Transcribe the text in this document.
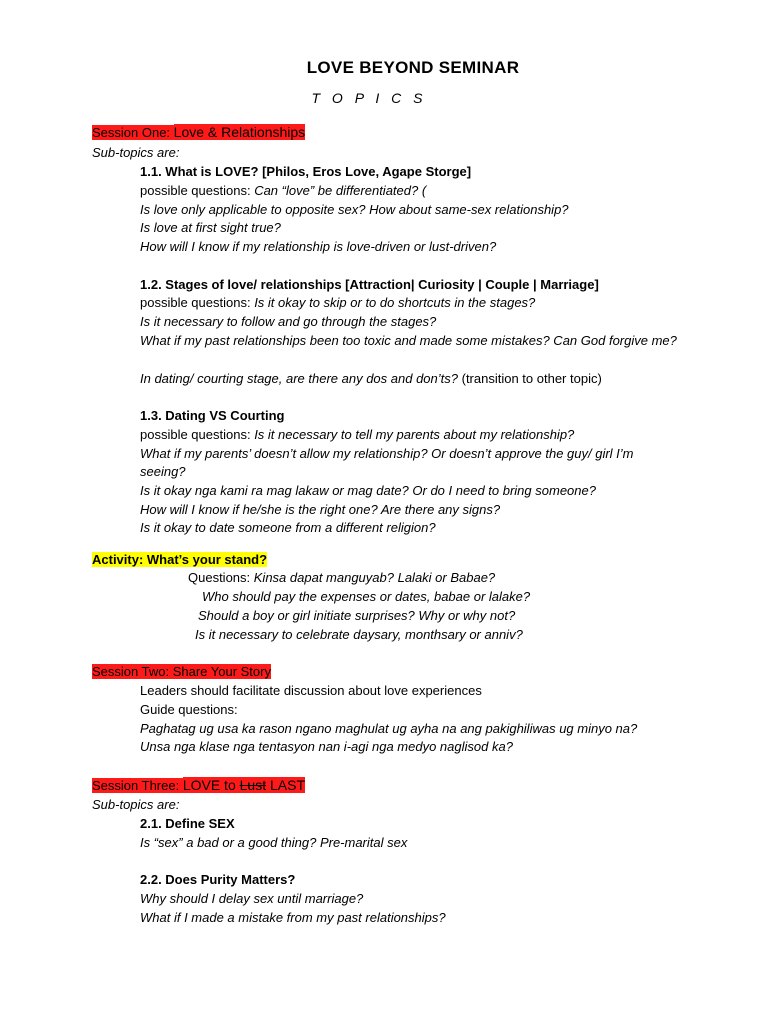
LOVE BEYOND SEMINAR
T O P I C S
Session One: Love & Relationships
Sub-topics are:
1.1. What is LOVE? [Philos, Eros Love, Agape Storge]
possible questions: Can “love” be differentiated? (
Is love only applicable to opposite sex? How about same-sex relationship?
Is love at first sight true?
How will I know if my relationship is love-driven or lust-driven?
1.2. Stages of love/ relationships [Attraction| Curiosity | Couple | Marriage]
possible questions: Is it okay to skip or to do shortcuts in the stages?
Is it necessary to follow and go through the stages?
What if my past relationships been too toxic and made some mistakes? Can God forgive me?
In dating/ courting stage, are there any dos and don’ts? (transition to other topic)
1.3. Dating VS Courting
possible questions: Is it necessary to tell my parents about my relationship?
What if my parents’ doesn’t allow my relationship? Or doesn’t approve the guy/ girl I’m
seeing?
Is it okay nga kami ra mag lakaw or mag date? Or do I need to bring someone?
How will I know if he/she is the right one? Are there any signs?
Is it okay to date someone from a different religion?
Activity: What’s your stand?
Questions: Kinsa dapat manguyab? Lalaki or Babae?
Who should pay the expenses or dates, babae or lalake?
Should a boy or girl initiate surprises? Why or why not?
Is it necessary to celebrate daysary, monthsary or anniv?
Session Two: Share Your Story
Leaders should facilitate discussion about love experiences
Guide questions:
Paghatag ug usa ka rason ngano maghulat ug ayha na ang pakighiliwas ug minyo na?
Unsa nga klase nga tentasyon nan i-agi nga medyo naglisod ka?
Session Three: LOVE to Lust LAST
Sub-topics are:
2.1. Define SEX
Is “sex” a bad or a good thing? Pre-marital sex
2.2. Does Purity Matters?
Why should I delay sex until marriage?
What if I made a mistake from my past relationships?
